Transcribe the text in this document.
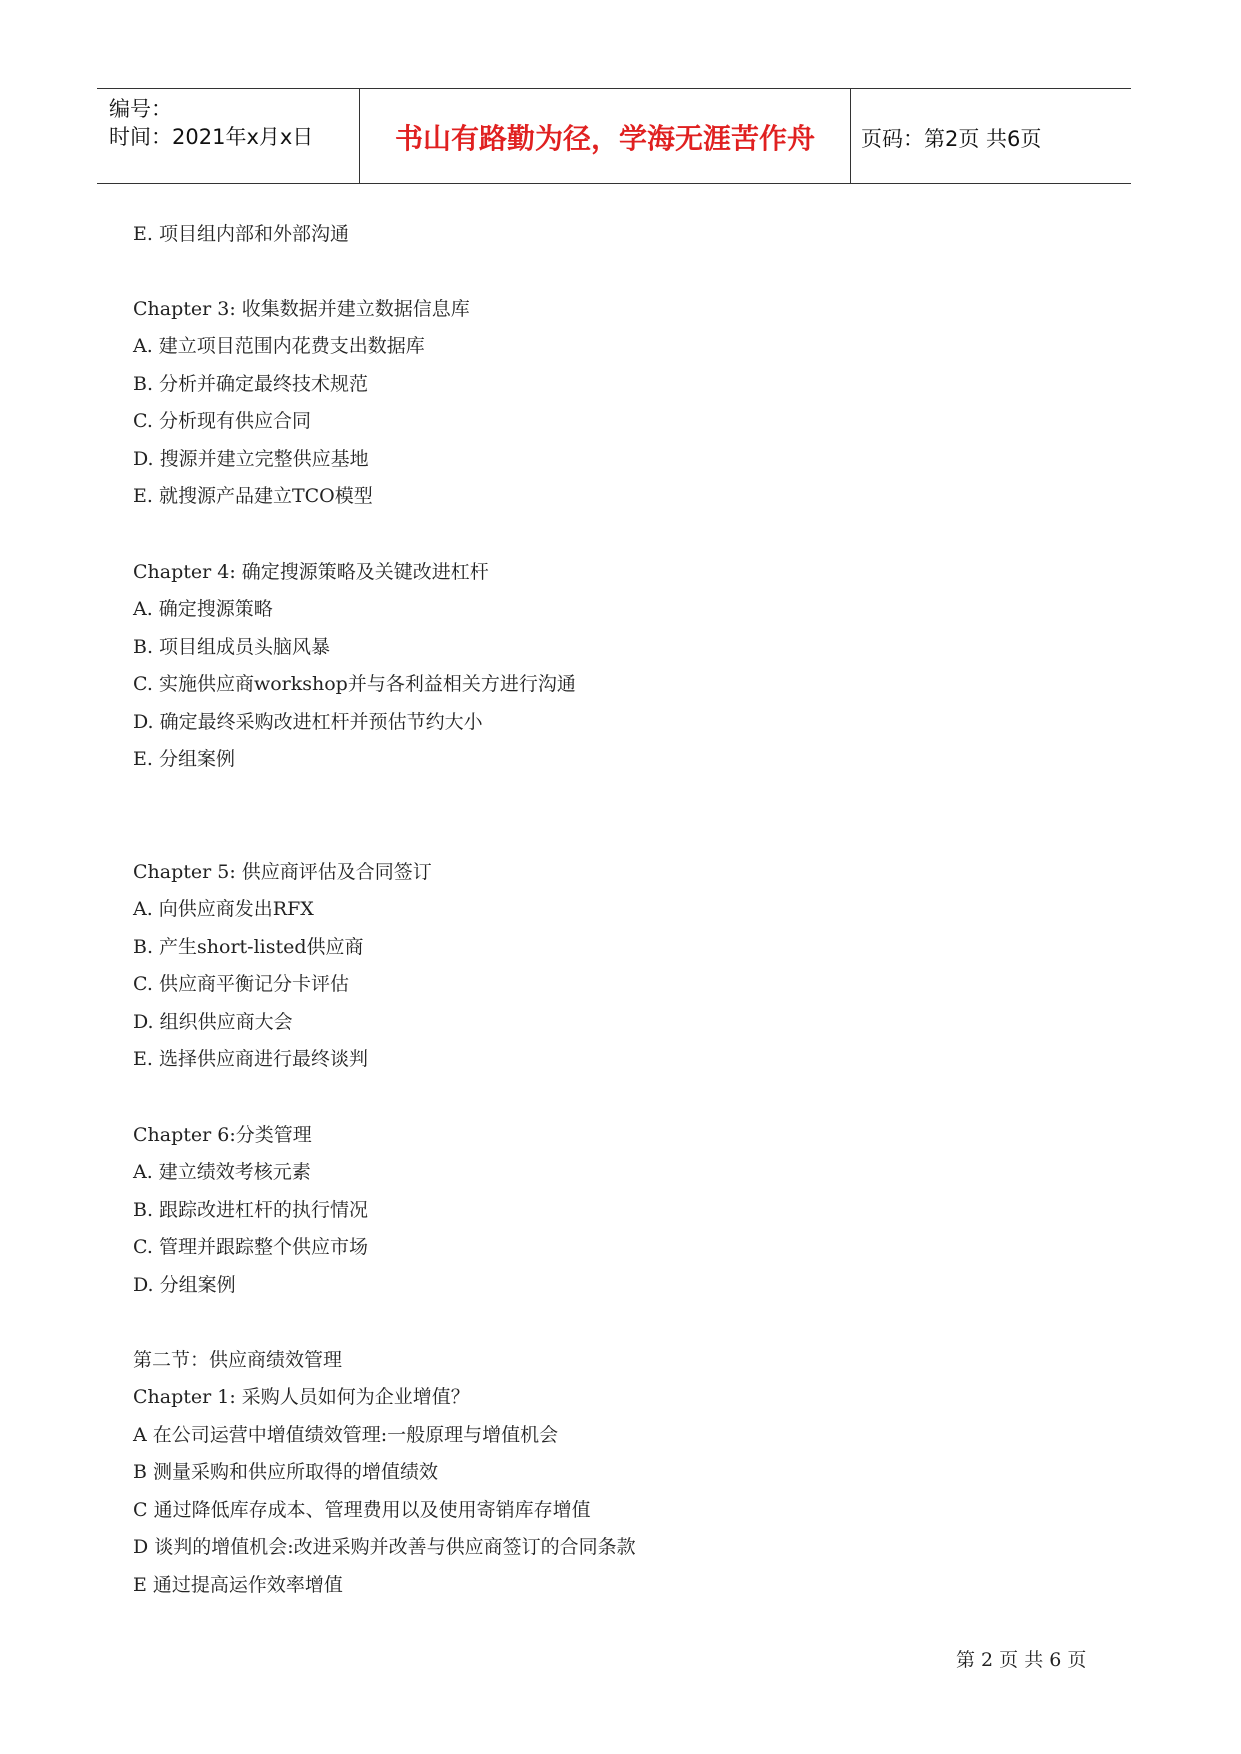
编号：
时间：2021年x月x日	书山有路勤为径，学海无涯苦作舟	页码：第2页 共6页
E. 项目组内部和外部沟通
Chapter 3: 收集数据并建立数据信息库
A. 建立项目范围内花费支出数据库
B. 分析并确定最终技术规范
C. 分析现有供应合同
D. 搜源并建立完整供应基地
E. 就搜源产品建立TCO模型
Chapter 4: 确定搜源策略及关键改进杠杆
A. 确定搜源策略
B. 项目组成员头脑风暴
C. 实施供应商workshop并与各利益相关方进行沟通
D. 确定最终采购改进杠杆并预估节约大小
E. 分组案例
Chapter 5: 供应商评估及合同签订
A. 向供应商发出RFX
B. 产生short-listed供应商
C. 供应商平衡记分卡评估
D. 组织供应商大会
E. 选择供应商进行最终谈判
Chapter 6:分类管理
A. 建立绩效考核元素
B. 跟踪改进杠杆的执行情况
C. 管理并跟踪整个供应市场
D. 分组案例
第二节：供应商绩效管理
Chapter 1: 采购人员如何为企业增值？
A 在公司运营中增值绩效管理:一般原理与增值机会
B 测量采购和供应所取得的增值绩效
C 通过降低库存成本、管理费用以及使用寄销库存增值
D 谈判的增值机会:改进采购并改善与供应商签订的合同条款
E 通过提高运作效率增值
第 2 页 共 6 页
